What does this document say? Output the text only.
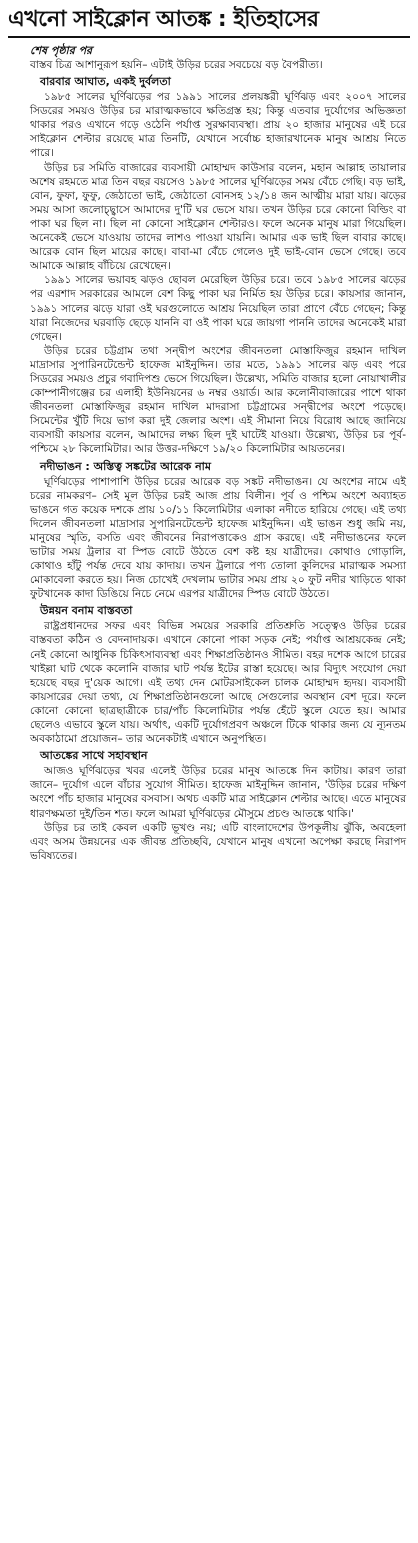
এখনো সাইক্লোন আতঙ্ক : ইতিহাসের
শেষ পৃষ্ঠার পর

বাস্তব চিত্র আশানুরূপ হয়নি– এটাই উড়ির চরের সবচেয়ে বড় বৈপরীত্য।

বারবার আঘাত, একই দুর্বলতা

১৯৮৫ সালের ঘূর্ণিঝড়ের পর ১৯৯১ সালের প্রলয়ঙ্করী ঘূর্ণিঝড় এবং ২০০৭ সালের সিডরের সময়ও উড়ির চর মারাত্মকভাবে ক্ষতিগ্রস্ত হয়; কিন্তু এতবার দুর্যোগের অভিজ্ঞতা থাকার পরও এখানে গড়ে ওঠেনি পর্যাপ্ত সুরক্ষাব্যবস্থা। প্রায় ২০ হাজার মানুষের এই চরে সাইক্লোন শেল্টার রয়েছে মাত্র তিনটি, যেখানে সর্বোচ্চ হাজারখানেক মানুষ আশ্রয় নিতে পারে।

উড়ির চর সমিতি বাজারের ব্যবসায়ী মোহাম্মদ কাউসার বলেন, মহান আল্লাহ তায়ালার অশেষ রহমতে মাত্র তিন বছর বয়সেও ১৯৮৫ সালের ঘূর্ণিঝড়ের সময় বেঁচে গেছি। বড় ভাই, বোন, ফুফা, ফুফু, জেঠাতো ভাই, জেঠাতো বোনসহ ১২/১৪ জন আত্মীয় মারা যায়। ঝড়ের সময় আসা জলোচ্ছ্বাসে আমাদের দু'টি ঘর ভেসে যায়। তখন উড়ির চরে কোনো বিল্ডিং বা পাকা ঘর ছিল না। ছিল না কোনো সাইক্লোন শেল্টারও। ফলে অনেক মানুষ মারা গিয়েছিল। অনেকেই ভেসে যাওয়ায় তাদের লাশও পাওয়া যায়নি। আমার এক ভাই ছিল বাবার কাছে। আরেক বোন ছিল মায়ের কাছে। বাবা-মা বেঁচে গেলেও দুই ভাই-বোন ভেসে গেছে। তবে আমাকে আল্লাহ বাঁচিয়ে রেখেছেন।

১৯৯১ সালের ভয়াবহ ঝড়ও ছোবল মেরেছিল উড়ির চরে। তবে ১৯৮৫ সালের ঝড়ের পর এরশাদ সরকারের আমলে বেশ কিছু পাকা ঘর নির্মিত হয় উড়ির চরে। কায়সার জানান, ১৯৯১ সালের ঝড়ে যারা ওই ঘরগুলোতে আশ্রয় নিয়েছিল তারা প্রাণে বেঁচে গেছেন; কিন্তু যারা নিজেদের ঘরবাড়ি ছেড়ে যাননি বা ওই পাকা ঘরে জায়গা পাননি তাদের অনেকেই মারা গেছেন।

উড়ির চরের চট্টগ্রাম তথা সন্দ্বীপ অংশের জীবনতলা মোস্তাফিজুর রহমান দাখিল মাদ্রাসার সুপারিনটেন্ডেন্ট হাফেজ মাইনুদ্দিন। তার মতে, ১৯৯১ সালের ঝড় এবং পরে সিডরের সময়ও প্রচুর গবাদিপশু ভেসে গিয়েছিল। উল্লেখ্য, সমিতি বাজার হলো নোয়াখালীর কোম্পানীগঞ্জের চর এলাহী ইউনিয়নের ৬ নম্বর ওয়ার্ড। আর কলোনীবাজারের পাশে থাকা জীবনতলা মোস্তাফিজুর রহমান দাখিল মাদরাসা চট্টগ্রামের সন্দ্বীপের অংশে পড়েছে। সিমেন্টের খুঁটি দিয়ে ভাগ করা দুই জেলার অংশ। এই সীমানা নিয়ে বিরোধ আছে জানিয়ে ব্যবসায়ী কায়সার বলেন, আমাদের লক্ষ্য ছিল দুই ঘাটেই যাওয়া। উল্লেখ্য, উড়ির চর পূর্ব-পশ্চিমে ২৮ কিলোমিটার। আর উত্তর-দক্ষিণে ১৯/২০ কিলোমিটার আয়তনের।

নদীভাঙন : অস্তিত্ব সঙ্কটের আরেক নাম

ঘূর্ণিঝড়ের পাশাপাশি উড়ির চরের আরেক বড় সঙ্কট নদীভাঙন। যে অংশের নামে এই চরের নামকরণ– সেই মূল উড়ির চরই আজ প্রায় বিলীন। পূর্ব ও পশ্চিম অংশে অব্যাহত ভাঙনে গত কয়েক দশকে প্রায় ১০/১১ কিলোমিটার এলাকা নদীতে হারিয়ে গেছে। এই তথ্য দিলেন জীবনতলা মাদ্রাসার সুপারিনটেন্ডেন্ট হাফেজ মাইনুদ্দিন। এই ভাঙন শুধু জমি নয়, মানুষের স্মৃতি, বসতি এবং জীবনের নিরাপত্তাকেও গ্রাস করছে। এই নদীভাঙনের ফলে ভাটার সময় ট্রলার বা স্পিড বোটে উঠতে বেশ কষ্ট হয় যাত্রীদের। কোথাও গোড়ালি, কোথাও হাঁটু পর্যন্ত দেবে যায় কাদায়। তখন ট্রলারে পণ্য তোলা কুলিদের মারাত্মক সমস্যা মোকাবেলা করতে হয়। নিজ চোখেই দেখলাম ভাটার সময় প্রায় ২০ ফুট নদীর খাড়িতে থাকা ফুটখানেক কাদা ডিঙিয়ে নিচে নেমে এরপর যাত্রীদের স্পিড বোটে উঠতে।

উন্নয়ন বনাম বাস্তবতা

রাষ্ট্রপ্রধানদের সফর এবং বিভিন্ন সময়ের সরকারি প্রতিশ্রুতি সত্ত্বেও উড়ির চরের বাস্তবতা কঠিন ও বেদনাদায়ক। এখানে কোনো পাকা সড়ক নেই; পর্যাপ্ত আশ্রয়কেন্দ্র নেই; নেই কোনো আধুনিক চিকিৎসাব্যবস্থা এবং শিক্ষাপ্রতিষ্ঠানও সীমিত। বহর দশেক আগে চারের খাইল্লা ঘাট থেকে কলোনি বাজার ঘাট পর্যন্ত ইটের রাস্তা হয়েছে। আর বিদ্যুৎ সংযোগ দেয়া হয়েছে বছর দু'য়েক আগে। এই তথ্য দেন মোটরসাইকেল চালক মোহাম্মদ হৃদয়। ব্যবসায়ী কায়সারের দেয়া তথ্য, যে শিক্ষাপ্রতিষ্ঠানগুলো আছে সেগুলোর অবস্থান বেশ দূরে। ফলে কোনো কোনো ছাত্রছাত্রীকে চার/পাঁচ কিলোমিটার পর্যন্ত হেঁটে স্কুলে যেতে হয়। আমার ছেলেও এভাবে স্কুলে যায়। অর্থাৎ, একটি দুর্যোগপ্রবণ অঞ্চলে টিকে থাকার জন্য যে ন্যূনতম অবকাঠামো প্রয়োজন– তার অনেকটাই এখানে অনুপস্থিত।

আতঙ্কের সাথে সহাবস্থান

আজও ঘূর্ণিঝড়ের খবর এলেই উড়ির চরের মানুষ আতঙ্কে দিন কাটায়। কারণ তারা জানে– দুর্যোগ এলে বাঁচার সুযোগ সীমিত। হাফেজ মাইনুদ্দিন জানান, 'উড়ির চরের দক্ষিণ অংশে পাঁচ হাজার মানুষের বসবাস। অথচ একটি মাত্র সাইক্লোন শেল্টার আছে। এতে মানুষের ধারণক্ষমতা দুই/তিন শত। ফলে আমরা ঘূর্ণিঝড়ের মৌসুমে প্রচণ্ড আতঙ্কে থাকি।'

উড়ির চর তাই কেবল একটি ভূখণ্ড নয়; এটি বাংলাদেশের উপকূলীয় ঝুঁকি, অবহেলা এবং অসম উন্নয়নের এক জীবন্ত প্রতিচ্ছবি, যেখানে মানুষ এখনো অপেক্ষা করছে নিরাপদ ভবিষ্যতের।
